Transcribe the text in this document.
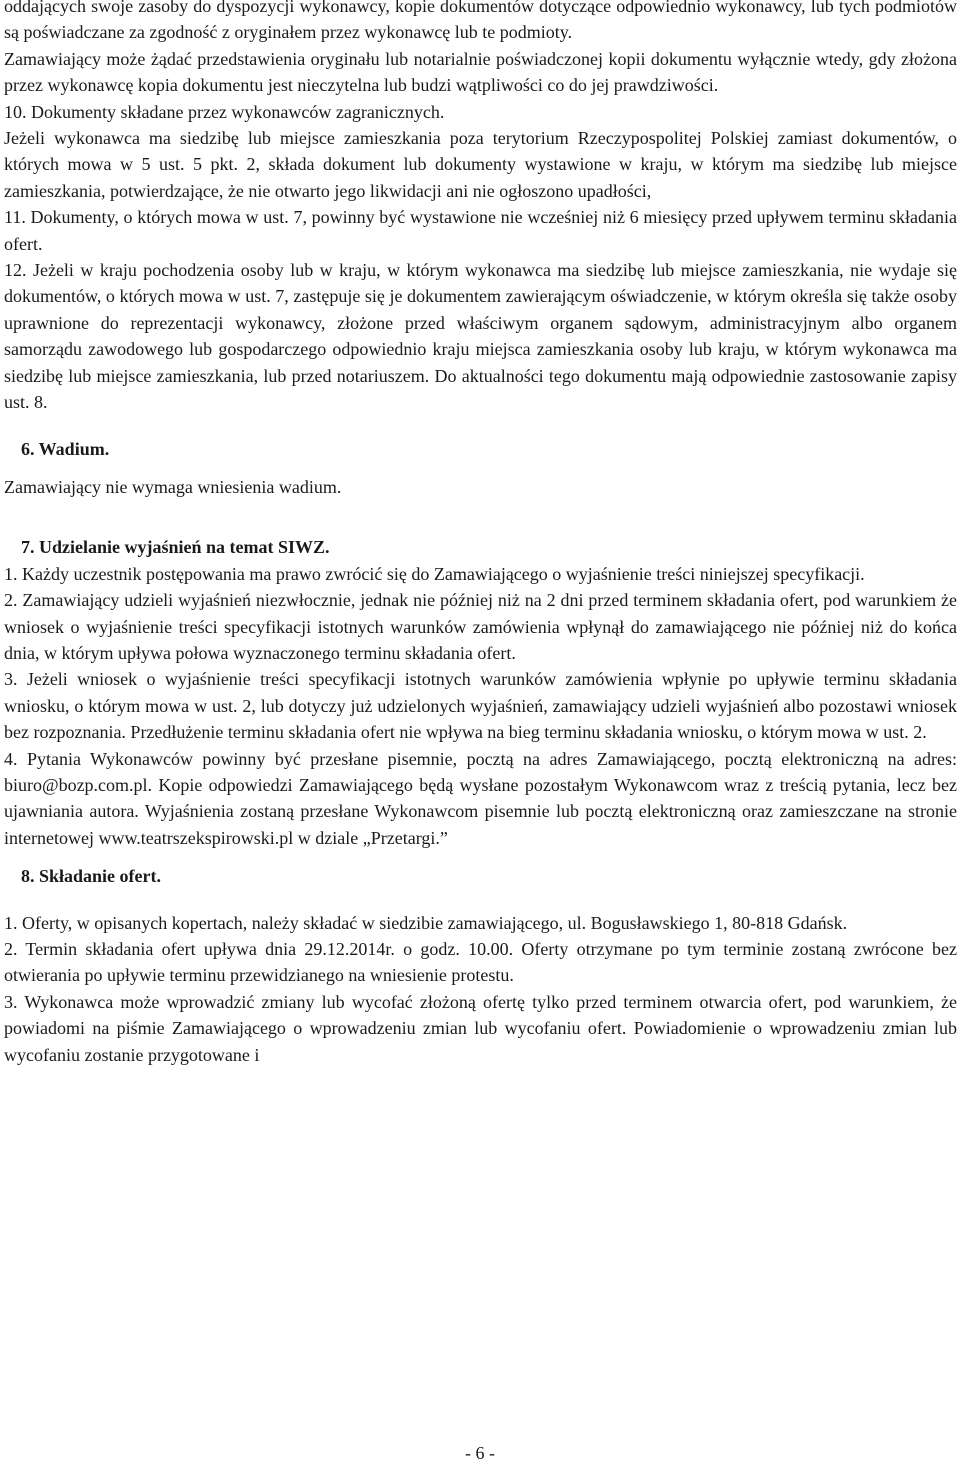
oddających swoje zasoby do dyspozycji wykonawcy, kopie dokumentów dotyczące odpowiednio wykonawcy, lub tych podmiotów są poświadczane za zgodność z oryginałem przez wykonawcę lub te podmioty.

Zamawiający może żądać przedstawienia oryginału lub notarialnie poświadczonej kopii dokumentu wyłącznie wtedy, gdy złożona przez wykonawcę kopia dokumentu jest nieczytelna lub budzi wątpliwości co do jej prawdziwości.

10. Dokumenty składane przez wykonawców zagranicznych.

Jeżeli wykonawca ma siedzibę lub miejsce zamieszkania poza terytorium Rzeczypospolitej Polskiej zamiast dokumentów, o których mowa w 5 ust. 5 pkt. 2, składa dokument lub dokumenty wystawione w kraju, w którym ma siedzibę lub miejsce zamieszkania, potwierdzające, że nie otwarto jego likwidacji ani nie ogłoszono upadłości,

11. Dokumenty, o których mowa w ust. 7, powinny być wystawione nie wcześniej niż 6 miesięcy przed upływem terminu składania ofert.

12. Jeżeli w kraju pochodzenia osoby lub w kraju, w którym wykonawca ma siedzibę lub miejsce zamieszkania, nie wydaje się dokumentów, o których mowa w ust. 7, zastępuje się je dokumentem zawierającym oświadczenie, w którym określa się także osoby uprawnione do reprezentacji wykonawcy, złożone przed właściwym organem sądowym, administracyjnym albo organem samorządu zawodowego lub gospodarczego odpowiednio kraju miejsca zamieszkania osoby lub kraju, w którym wykonawca ma siedzibę lub miejsce zamieszkania, lub przed notariuszem. Do aktualności tego dokumentu mają odpowiednie zastosowanie zapisy ust. 8.

6. Wadium.

Zamawiający nie wymaga wniesienia wadium.

7. Udzielanie wyjaśnień na temat SIWZ.

1. Każdy uczestnik postępowania ma prawo zwrócić się do Zamawiającego o wyjaśnienie treści niniejszej specyfikacji.

2. Zamawiający udzieli wyjaśnień niezwłocznie, jednak nie później niż na 2 dni przed terminem składania ofert, pod warunkiem że wniosek o wyjaśnienie treści specyfikacji istotnych warunków zamówienia wpłynął do zamawiającego nie później niż do końca dnia, w którym upływa połowa wyznaczonego terminu składania ofert.

3. Jeżeli wniosek o wyjaśnienie treści specyfikacji istotnych warunków zamówienia wpłynie po upływie terminu składania wniosku, o którym mowa w ust. 2, lub dotyczy już udzielonych wyjaśnień, zamawiający udzieli wyjaśnień albo pozostawi wniosek bez rozpoznania. Przedłużenie terminu składania ofert nie wpływa na bieg terminu składania wniosku, o którym mowa w ust. 2.

4. Pytania Wykonawców powinny być przesłane pisemnie, pocztą na adres Zamawiającego, pocztą elektroniczną na adres: biuro@bozp.com.pl. Kopie odpowiedzi Zamawiającego będą wysłane pozostałym Wykonawcom wraz z treścią pytania, lecz bez ujawniania autora. Wyjaśnienia zostaną przesłane Wykonawcom pisemnie lub pocztą elektroniczną oraz zamieszczane na stronie internetowej www.teatrszekspirowski.pl w dziale „Przetargi.”

8. Składanie ofert.

1. Oferty, w opisanych kopertach, należy składać w siedzibie zamawiającego, ul. Bogusławskiego 1, 80-818 Gdańsk.

2. Termin składania ofert upływa dnia 29.12.2014r. o godz. 10.00. Oferty otrzymane po tym terminie zostaną zwrócone bez otwierania po upływie terminu przewidzianego na wniesienie protestu.

3. Wykonawca może wprowadzić zmiany lub wycofać złożoną ofertę tylko przed terminem otwarcia ofert, pod warunkiem, że powiadomi na piśmie Zamawiającego o wprowadzeniu zmian lub wycofaniu ofert. Powiadomienie o wprowadzeniu zmian lub wycofaniu zostanie przygotowane i

- 6 -
